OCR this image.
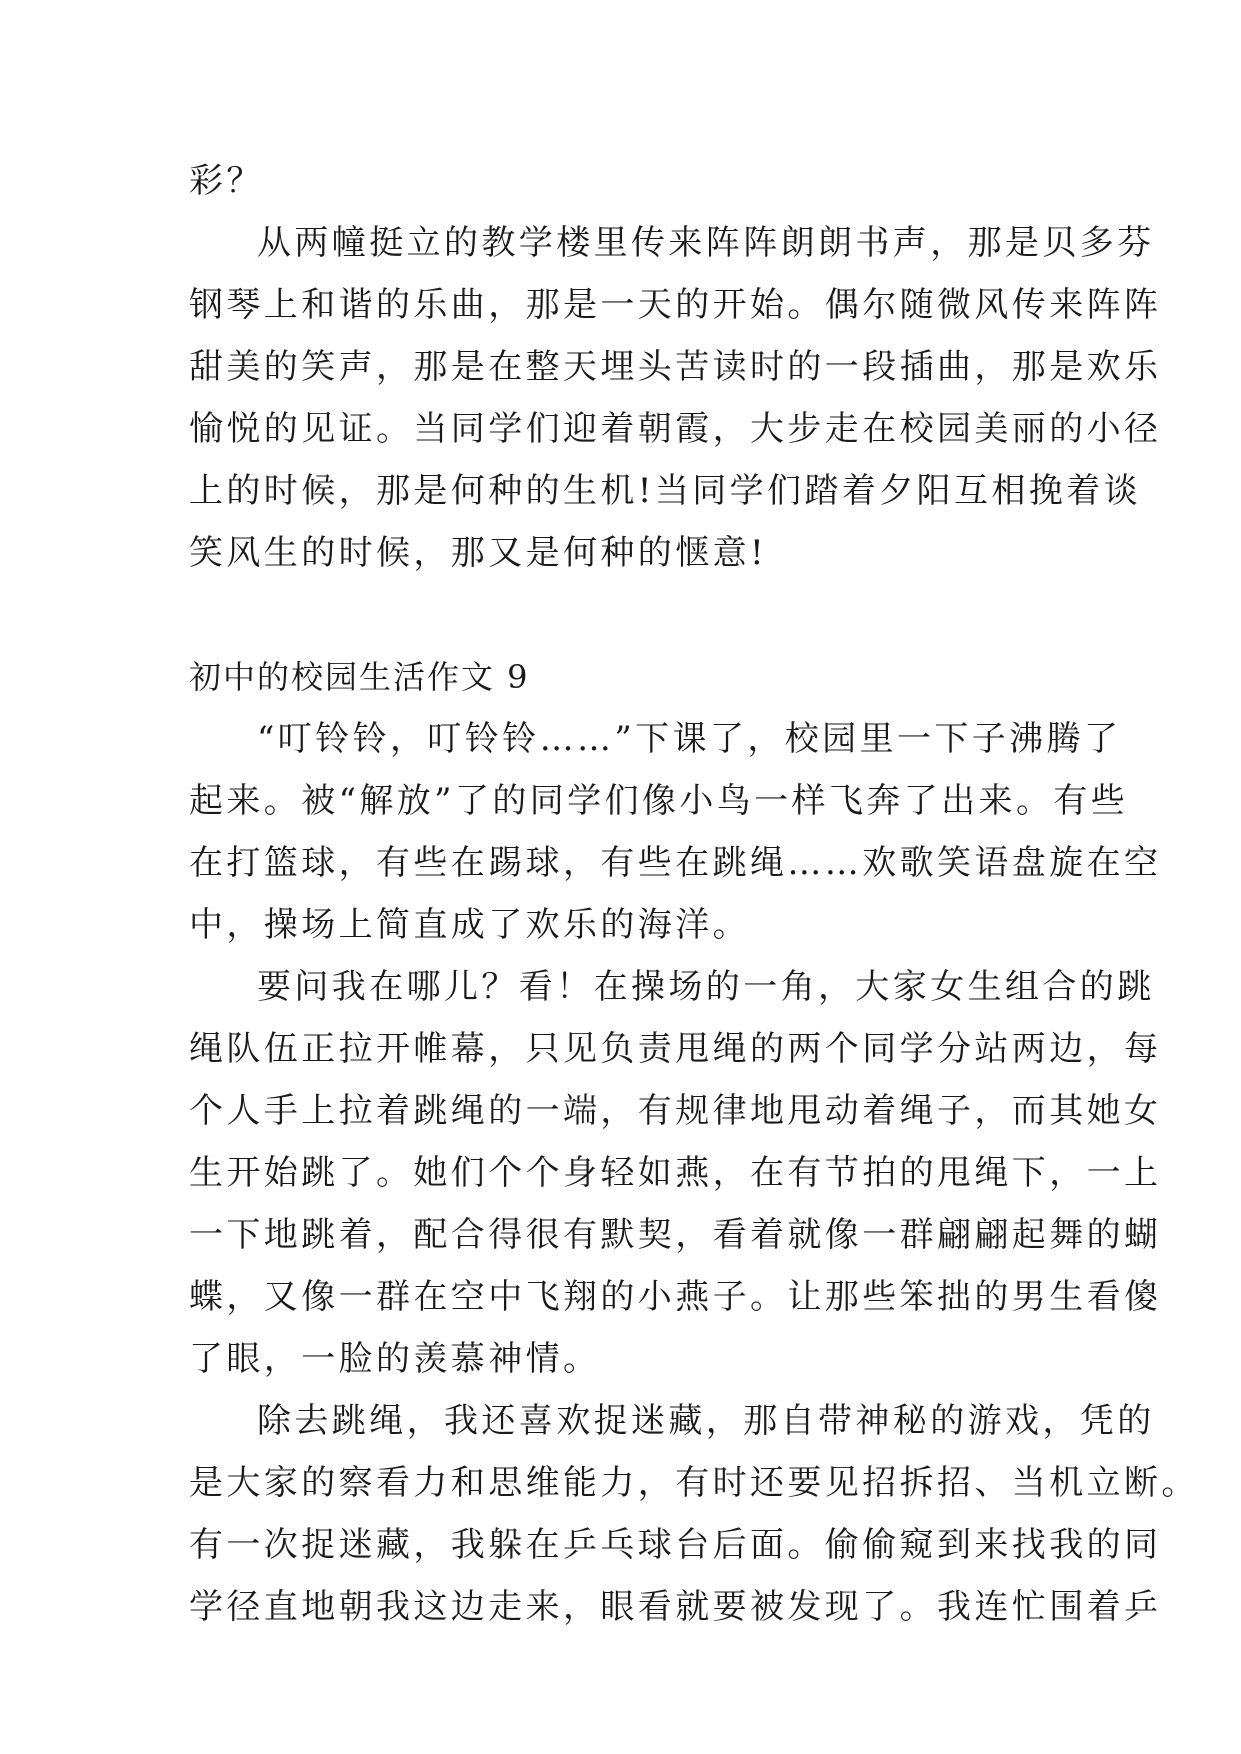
彩？
从两幢挺立的教学楼里传来阵阵朗朗书声，那是贝多芬
钢琴上和谐的乐曲，那是一天的开始。偶尔随微风传来阵阵
甜美的笑声，那是在整天埋头苦读时的一段插曲，那是欢乐
愉悦的见证。当同学们迎着朝霞，大步走在校园美丽的小径
上的时候，那是何种的生机!当同学们踏着夕阳互相挽着谈
笑风生的时候，那又是何种的惬意!
初中的校园生活作文 9
“叮铃铃，叮铃铃……”下课了，校园里一下子沸腾了
起来。被“解放”了的同学们像小鸟一样飞奔了出来。有些
在打篮球，有些在踢球，有些在跳绳……欢歌笑语盘旋在空
中，操场上简直成了欢乐的海洋。
要问我在哪儿？看！在操场的一角，大家女生组合的跳
绳队伍正拉开帷幕，只见负责甩绳的两个同学分站两边，每
个人手上拉着跳绳的一端，有规律地甩动着绳子，而其她女
生开始跳了。她们个个身轻如燕，在有节拍的甩绳下，一上
一下地跳着，配合得很有默契，看着就像一群翩翩起舞的蝴
蝶，又像一群在空中飞翔的小燕子。让那些笨拙的男生看傻
了眼，一脸的羡慕神情。
除去跳绳，我还喜欢捉迷藏，那自带神秘的游戏，凭的
是大家的察看力和思维能力，有时还要见招拆招、当机立断。
有一次捉迷藏，我躲在乒乓球台后面。偷偷窥到来找我的同
学径直地朝我这边走来，眼看就要被发现了。我连忙围着乒
